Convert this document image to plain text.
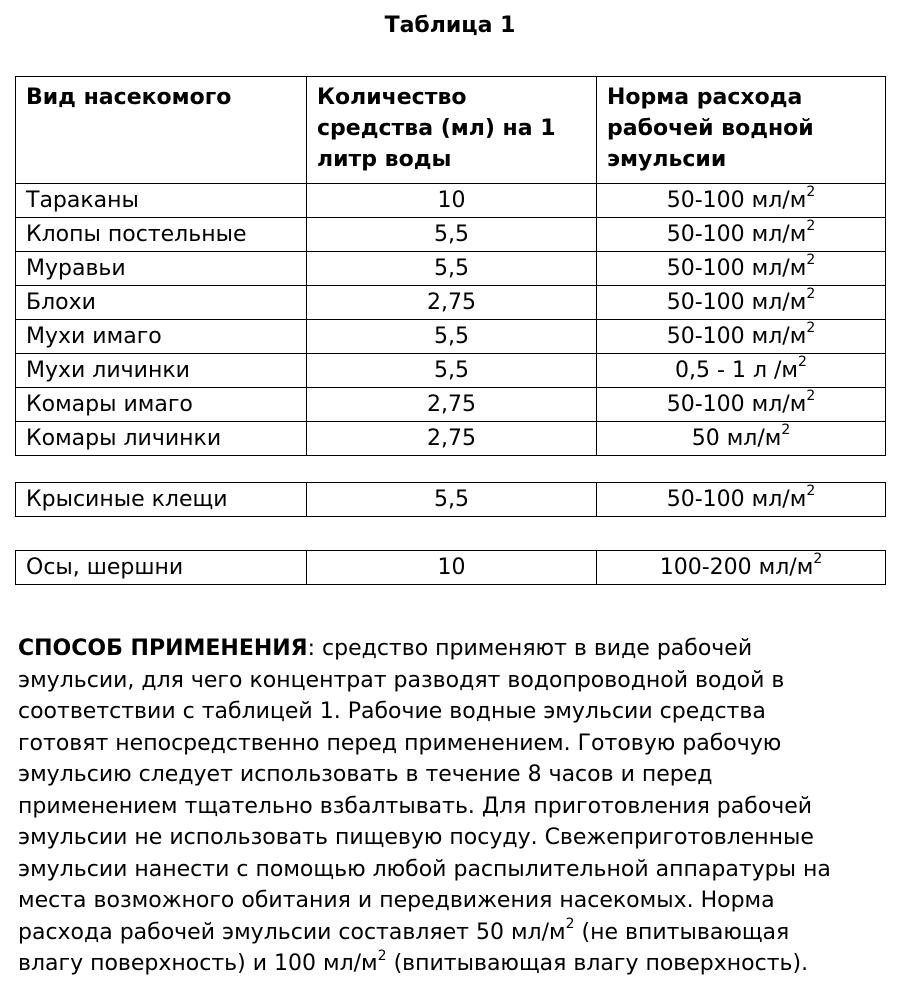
Таблица 1
Вид насекомого	Количество средства (мл) на 1 литр воды	Норма расхода рабочей водной эмульсии
Тараканы	10	50-100 $мл/м^2$
Клопы постельные	5,5	50-100 $мл/м^2$
Муравьи	5,5	50-100 $мл/м^2$
Блохи	2,75	50-100 $мл/м^2$
Мухи имаго	5,5	50-100 $мл/м^2$
Мухи личинки	5,5	0,5 - 1 л $/м^2$
Комары имаго	2,75	50-100 $мл/м^2$
Комары личинки	2,75	50 $мл/м^2$
Крысиные клещи	5,5	50-100 $мл/м^2$
Осы, шершни	10	100-200 $мл/м^2$
СПОСОБ ПРИМЕНЕНИЯ: средство применяют в виде рабочей
эмульсии, для чего концентрат разводят водопроводной водой в
соответствии с таблицей 1. Рабочие водные эмульсии средства
готовят непосредственно перед применением. Готовую рабочую
эмульсию следует использовать в течение 8 часов и перед
применением тщательно взбалтывать. Для приготовления рабочей
эмульсии не использовать пищевую посуду. Свежеприготовленные
эмульсии нанести с помощью любой распылительной аппаратуры на
места возможного обитания и передвижения насекомых. Норма
расхода рабочей эмульсии составляет 50 $мл/м^2$ (не впитывающая
влагу поверхность) и 100 $мл/м^2$ (впитывающая влагу поверхность).
